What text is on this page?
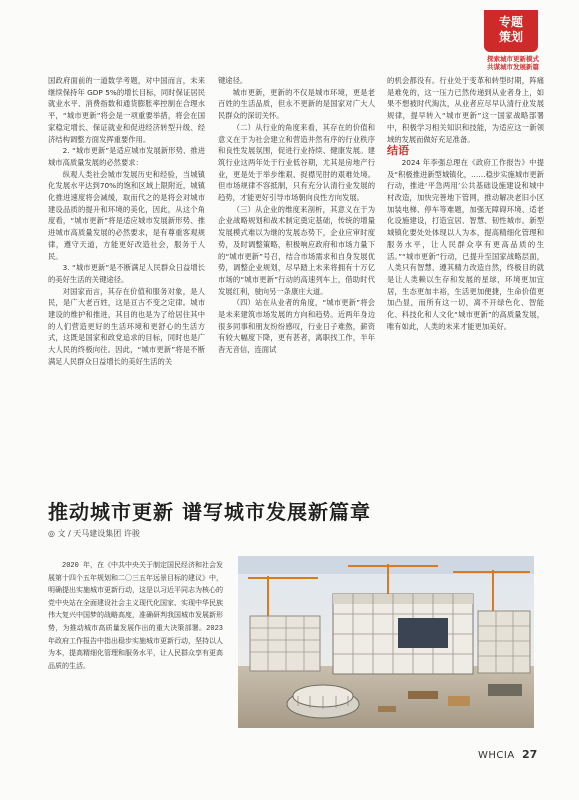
专题
策划
探索城市更新模式
共谋城市发展新篇

国政府面前的一道数学考题，对中国而言，未来继续保持年 GDP 5%的增长目标，同时保证居民就业水平、消费指数和通货膨胀率控制在合理水平，“城市更新”将会是一项重要举措，将会在国家稳定增长、保证就业和促进经济转型升级、经济结构调整方面发挥重要作用。

2. “城市更新”是适应城市发展新形势、推进城市高质量发展的必然要求：

纵观人类社会城市发展历史和经验，当城镇化发展水平达到70%的饱和区域上限附近，城镇化推进速度将会减缓，取而代之的是将会对城市建设品质的提升和环境的美化，因此，从这个角度看，“城市更新”将是适应城市发展新形势、推进城市高质量发展的必然要求，是有尊重客观规律，遵守天道，方能更好改造社会，服务于人民。

3. “城市更新”是不断满足人民群众日益增长的美好生活的关键途径。

对国家而言，其存在价值和服务对象，是人民，是广大老百姓，这是亘古不变之定律。城市建设的维护和推进，其目的也是为了给居住其中的人们营造更好的生活环境和更舒心的生活方式，这既是国家和政党追求的目标，同时也是广大人民的终极向往。因此，“城市更新”将是不断满足人民群众日益增长的美好生活的关

键途径。

城市更新，更新的不仅是城市环境，更是老百姓的生活品质，但永不更新的是国家对广大人民群众的深切关怀。

（二）从行业的角度来看，其存在的价值和意义在于为社会建立和营造井然有序的行业秩序和良性发展氛围，促进行业持续、健康发展。建筑行业这两年处于行业低谷期，尤其是房地产行业，更是处于举步维艰、捉襟见肘的艰难处境。但市场规律不容抵制，只有充分认清行业发展的趋势，才能更好引导市场朝向良性方向发展。

（三）从企业的维度来剖析，其意义在于为企业战略规划和战术制定奠定基础，传统的增量发展模式难以为继的发展态势下，企业应审时度势，及时调整策略，积极响应政府和市场力量下的“城市更新”号召，结合市场需求和自身发展优势，调整企业规划，尽早踏上未来将拥有十万亿市场的“城市更新”行动的高速列车上，借助时代发展红利，驶向另一条康庄大道。

（四）站在从业者的角度，“城市更新”将会是未来建筑市场发展的方向和趋势。近两年身边很多同事和朋友纷纷感叹，行业日子难熬，薪资有较大幅度下降，更有甚者，离职找工作，半年杳无音信，连面试

的机会都没有。行业处于变革和转型时期，阵痛是难免的，这一压力已然传递到从业者身上，如果不想被时代淘汰，从业者应尽早认清行业发展规律，提早转入“城市更新”这一国家战略部署中，积极学习相关知识和技能，为适应这一新领域的发展而做好充足准备。

结语

2024 年李强总理在《政府工作报告》中提及“积极推进新型城镇化，……稳步实施城市更新行动，推进‘平急两用’公共基础设施建设和城中村改造，加快完善地下管网，推动解决老旧小区加装电梯、停车等难题，加强无障碍环境、适老化设施建设，打造宜居、智慧、韧性城市。新型城镇化要处处体现以人为本，提高精细化管理和服务水平，让人民群众享有更高品质的生活。”“城市更新”行动，已提升至国家战略层面，人类只有智慧、遵其精力改造自然，终极目的就是让人类赖以生存和发展的星球，环境更加宜居，生态更加丰裕，生活更加便捷，生命价值更加凸显，而所有这一切，离不开绿色化、智能化、科技化和人文化“城市更新”的高质量发展，唯有如此，人类的未来才能更加美好。

推动城市更新 谱写城市发展新篇章
◎ 文 / 天马建设集团 许骏
2020 年，在《中共中央关于制定国民经济和社会发展第十四个五年规划和二〇三五年远景目标的建议》中，明确提出实施城市更新行动，这是以习近平同志为核心的党中央站在全面建设社会主义现代化国家、实现中华民族伟大复兴中国梦的战略高度，准确研判我国城市发展新形势，为推动城市高质量发展作出的重大决策部署。2023 年政府工作报告中指出稳步实施城市更新行动，坚持以人为本，提高精细化管理和服务水平，让人民群众享有更高品质的生活。
WHCIA 27
